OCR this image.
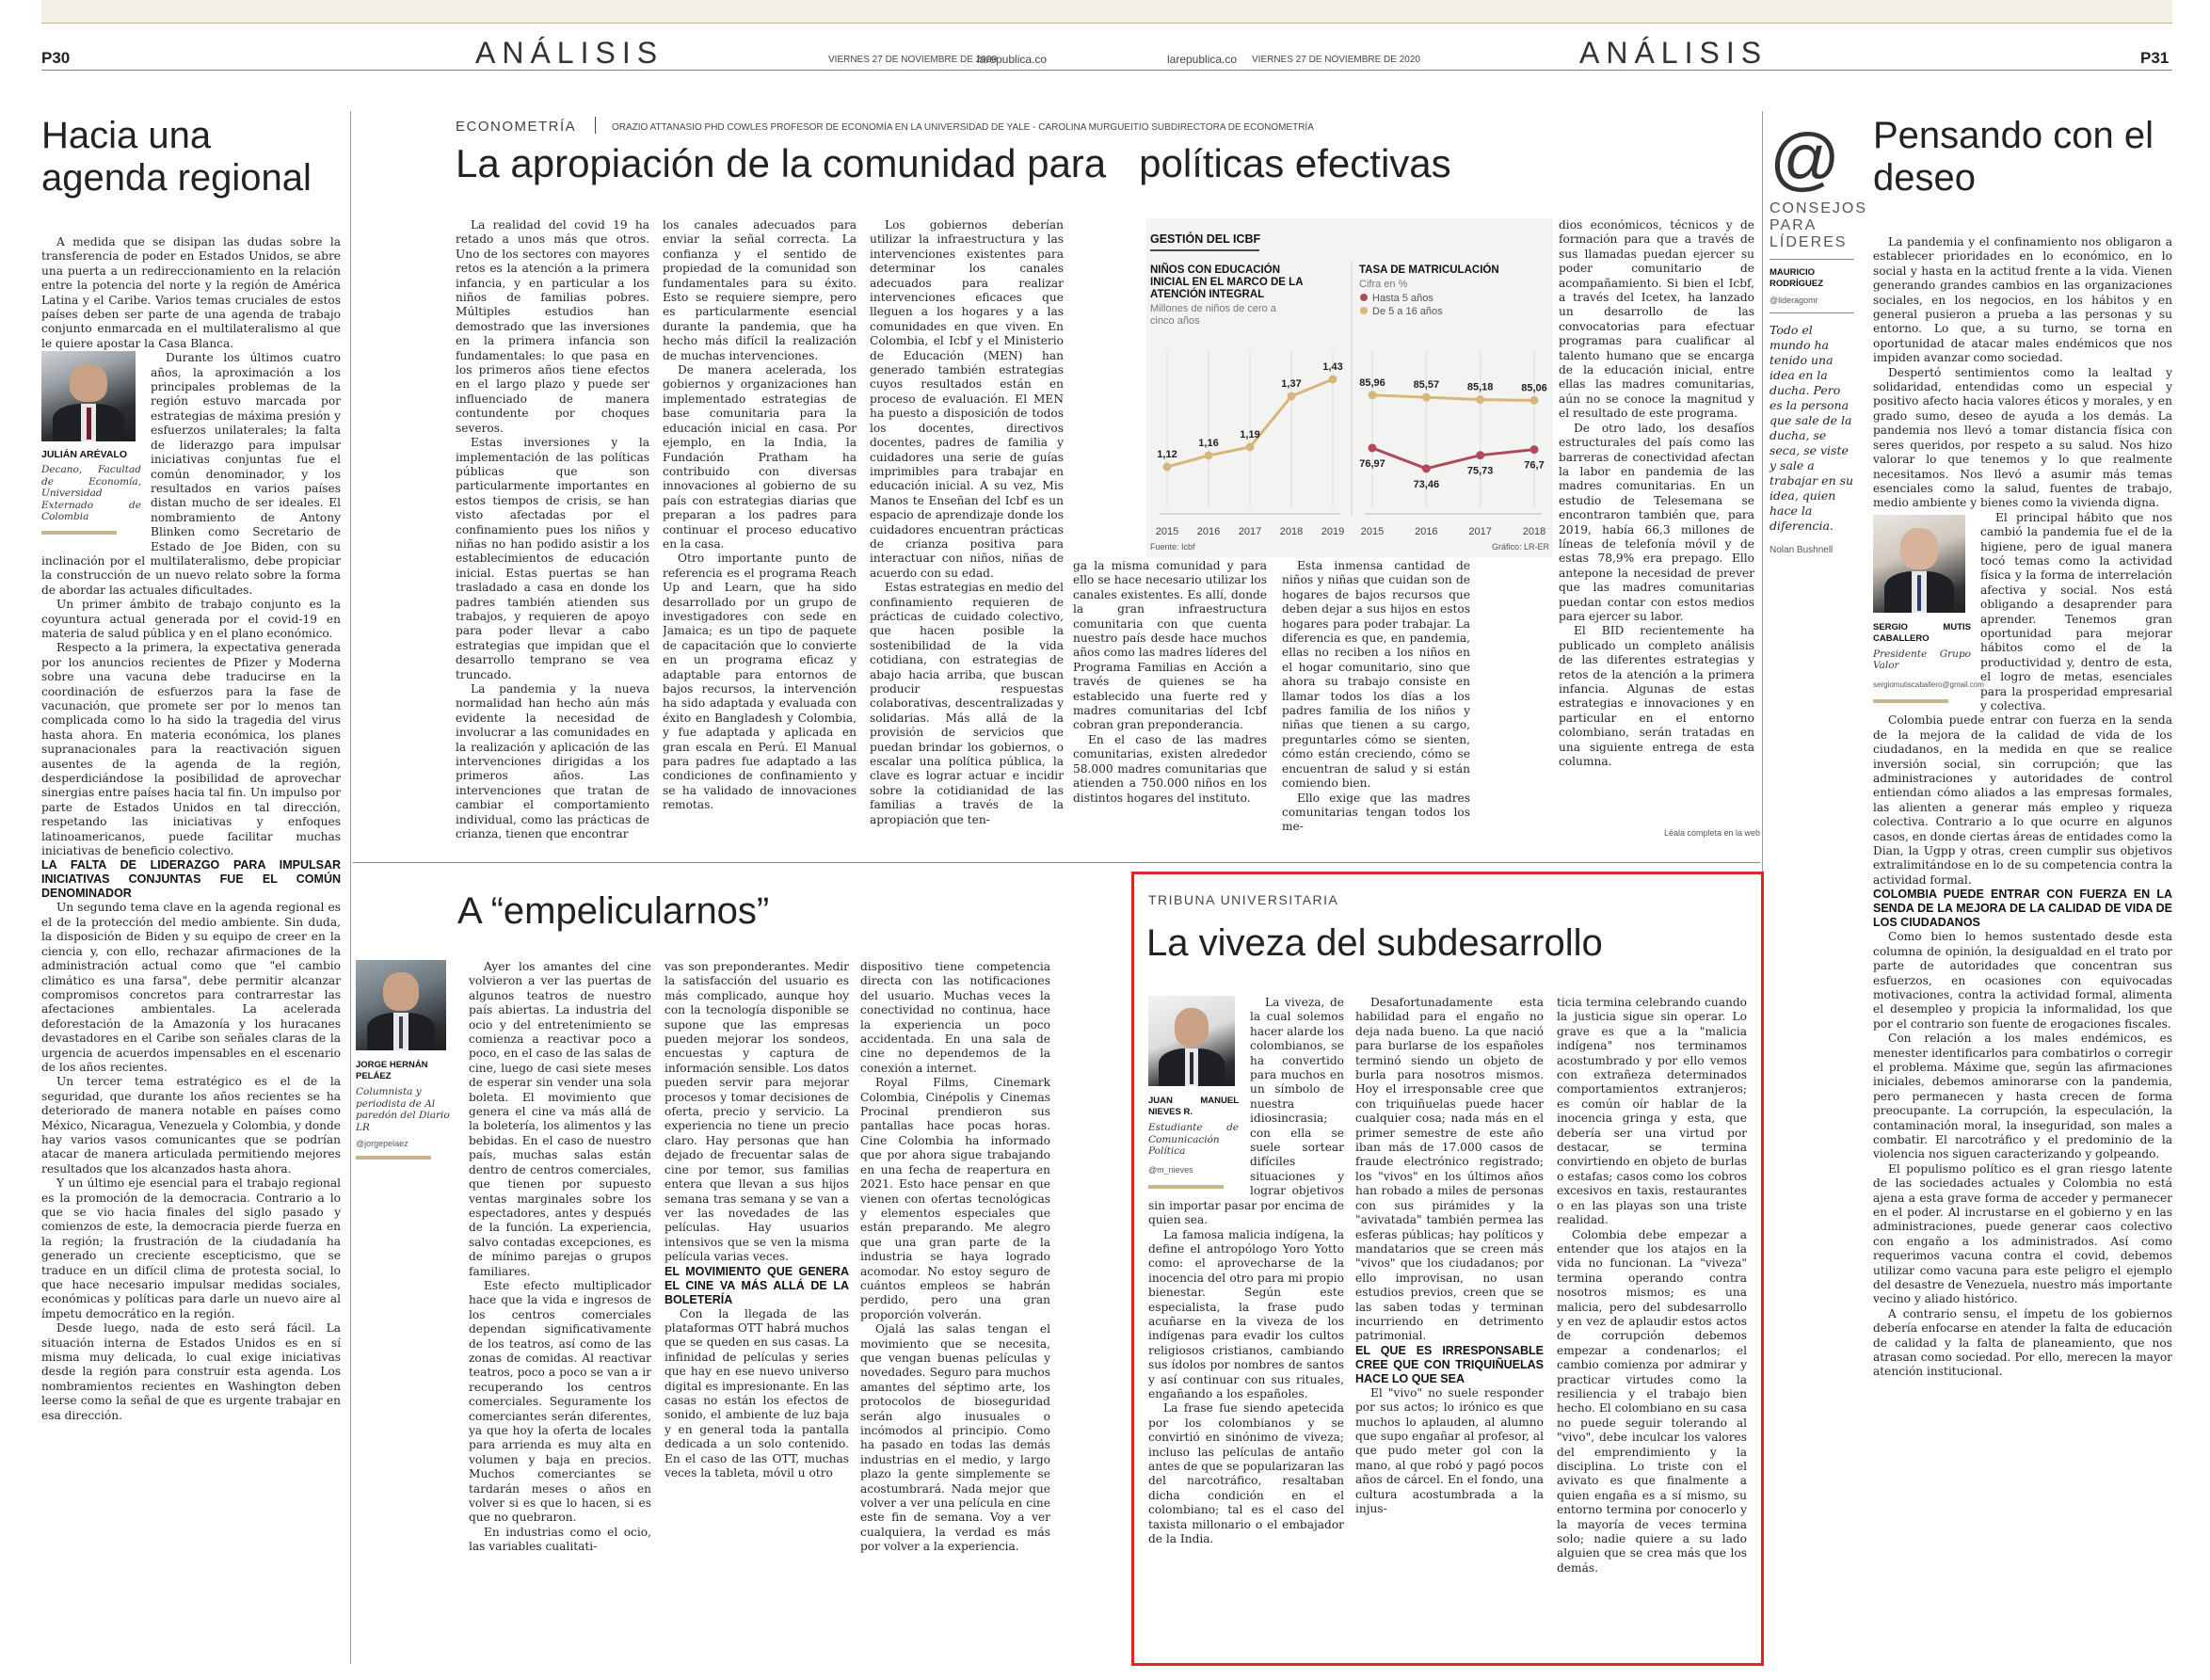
P30	ANÁLISIS	VIERNES 27 DE NOVIEMBRE DE 2020
larepublica.co	larepublica.co VIERNES 27 DE NOVIEMBRE DE 2020	ANÁLISIS	P31
Hacia una agenda regional

A medida que se disipan las dudas sobre la transferencia de poder en Estados Unidos, se abre una puerta a un redireccionamiento en la relación entre la potencia del norte y la región de América Latina y el Caribe. Varios temas cruciales de estos países deben ser parte de una agenda de trabajo conjunto enmarcada en el multilateralismo al que le quiere apostar la Casa Blanca.

JULIÁN ARÉVALO
Decano, Facultad de Economía, Universidad Externado de Colombia

Durante los últimos cuatro años, la aproximación a los principales problemas de la región estuvo marcada por estrategias de máxima presión y esfuerzos unilaterales; la falta de liderazgo para impulsar iniciativas conjuntas fue el común denominador, y los resultados en varios países distan mucho de ser ideales. El nombramiento de Antony Blinken como Secretario de Estado de Joe Biden, con su inclinación por el multilateralismo, debe propiciar la construcción de un nuevo relato sobre la forma de abordar las actuales dificultades.

Un primer ámbito de trabajo conjunto es la coyuntura actual generada por el covid-19 en materia de salud pública y en el plano económico.

Respecto a la primera, la expectativa generada por los anuncios recientes de Pfizer y Moderna sobre una vacuna debe traducirse en la coordinación de esfuerzos para la fase de vacunación, que promete ser por lo menos tan complicada como lo ha sido la tragedia del virus hasta ahora. En materia económica, los planes supranacionales para la reactivación siguen ausentes de la agenda de la región, desperdiciándose la posibilidad de aprovechar sinergias entre países hacia tal fin. Un impulso por parte de Estados Unidos en tal dirección, respetando las iniciativas y enfoques latinoamericanos, puede facilitar muchas iniciativas de beneficio colectivo.

LA FALTA DE LIDERAZGO PARA IMPULSAR INICIATIVAS CONJUNTAS FUE EL COMÚN DENOMINADOR

Un segundo tema clave en la agenda regional es el de la protección del medio ambiente. Sin duda, la disposición de Biden y su equipo de creer en la ciencia y, con ello, rechazar afirmaciones de la administración actual como que "el cambio climático es una farsa", debe permitir alcanzar compromisos concretos para contrarrestar las afectaciones ambientales. La acelerada deforestación de la Amazonía y los huracanes devastadores en el Caribe son señales claras de la urgencia de acuerdos impensables en el escenario de los años recientes.

Un tercer tema estratégico es el de la seguridad, que durante los años recientes se ha deteriorado de manera notable en países como México, Nicaragua, Venezuela y Colombia, y donde hay varios vasos comunicantes que se podrían atacar de manera articulada permitiendo mejores resultados que los alcanzados hasta ahora.

Y un último eje esencial para el trabajo regional es la promoción de la democracia. Contrario a lo que se vio hacia finales del siglo pasado y comienzos de este, la democracia pierde fuerza en la región; la frustración de la ciudadanía ha generado un creciente escepticismo, que se traduce en un difícil clima de protesta social, lo que hace necesario impulsar medidas sociales, económicas y políticas para darle un nuevo aire al ímpetu democrático en la región.

Desde luego, nada de esto será fácil. La situación interna de Estados Unidos es en sí misma muy delicada, lo cual exige iniciativas desde la región para construir esta agenda. Los nombramientos recientes en Washington deben leerse como la señal de que es urgente trabajar en esa dirección.

ECONOMETRÍA	ORAZIO ATTANASIO PHD COWLES PROFESOR DE ECONOMÍA EN LA UNIVERSIDAD DE YALE - CAROLINA MURGUEITIO SUBDIRECTORA DE ECONOMETRÍA
La apropiación de la comunidad para   políticas efectivas

La realidad del covid 19 ha retado a unos más que otros. Uno de los sectores con mayores retos es la atención a la primera infancia, y en particular a los niños de familias pobres. Múltiples estudios han demostrado que las inversiones en la primera infancia son fundamentales: lo que pasa en los primeros años tiene efectos en el largo plazo y puede ser influenciado de manera contundente por choques severos.

Estas inversiones y la implementación de las políticas públicas que son particularmente importantes en estos tiempos de crisis, se han visto afectadas por el confinamiento pues los niños y niñas no han podido asistir a los establecimientos de educación inicial. Estas puertas se han trasladado a casa en donde los padres también atienden sus trabajos, y requieren de apoyo para poder llevar a cabo estrategias que impidan que el desarrollo temprano se vea truncado.

La pandemia y la nueva normalidad han hecho aún más evidente la necesidad de involucrar a las comunidades en la realización y aplicación de las intervenciones dirigidas a los primeros años. Las intervenciones que tratan de cambiar el comportamiento individual, como las prácticas de crianza, tienen que encontrar

los canales adecuados para enviar la señal correcta. La confianza y el sentido de propiedad de la comunidad son fundamentales para su éxito. Esto se requiere siempre, pero es particularmente esencial durante la pandemia, que ha hecho más difícil la realización de muchas intervenciones.

De manera acelerada, los gobiernos y organizaciones han implementado estrategias de base comunitaria para la educación inicial en casa. Por ejemplo, en la India, la Fundación Pratham ha contribuido con diversas innovaciones al gobierno de su país con estrategias diarias que preparan a los padres para continuar el proceso educativo en la casa.

Otro importante punto de referencia es el programa Reach Up and Learn, que ha sido desarrollado por un grupo de investigadores con sede en Jamaica; es un tipo de paquete de capacitación que lo convierte en un programa eficaz y adaptable para entornos de bajos recursos, la intervención ha sido adaptada y evaluada con éxito en Bangladesh y Colombia, y fue adaptada y aplicada en gran escala en Perú. El Manual para padres fue adaptado a las condiciones de confinamiento y se ha validado de innovaciones remotas.

Los gobiernos deberían utilizar la infraestructura y las intervenciones existentes para determinar los canales adecuados para realizar intervenciones eficaces que lleguen a los hogares y a las comunidades en que viven. En Colombia, el Icbf y el Ministerio de Educación (MEN) han generado también estrategias cuyos resultados están en proceso de evaluación. El MEN ha puesto a disposición de todos los docentes, directivos docentes, padres de familia y cuidadores una serie de guías imprimibles para trabajar en educación inicial. A su vez, Mis Manos te Enseñan del Icbf es un espacio de aprendizaje donde los cuidadores encuentran prácticas de crianza positiva para interactuar con niños, niñas de acuerdo con su edad.

Estas estrategias en medio del confinamiento requieren de prácticas de cuidado colectivo, que hacen posible la sostenibilidad de la vida cotidiana, con estrategias de abajo hacia arriba, que buscan producir respuestas colaborativas, descentralizadas y solidarias. Más allá de la provisión de servicios que puedan brindar los gobiernos, o escalar una política pública, la clave es lograr actuar e incidir sobre la cotidianidad de las familias a través de la apropiación que ten-

GESTIÓN DEL ICBF
NIÑOS CON EDUCACIÓN INICIAL EN EL MARCO DE LA ATENCIÓN INTEGRAL
Millones de niños de cero a cinco años
2015 2016 2017 2018 2019
1,12
1,16
1,19
1,37
1,43
TASA DE MATRICULACIÓN
Cifra en %
Hasta 5 años
De 5 a 16 años
2015	2016	2017	2018
76,97
73,46
75,73
76,7
85,96	85,57	85,18	85,06
Fuente: Icbf	Gráfico: LR-ER

ga la misma comunidad y para ello se hace necesario utilizar los canales existentes. Es allí, donde la gran infraestructura comunitaria con que cuenta nuestro país desde hace muchos años como las madres líderes del Programa Familias en Acción a través de quienes se ha establecido una fuerte red y madres comunitarias del Icbf cobran gran preponderancia.

En el caso de las madres comunitarias, existen alrededor 58.000 madres comunitarias que atienden a 750.000 niños en los distintos hogares del instituto.

Esta inmensa cantidad de niños y niñas que cuidan son de hogares de bajos recursos que deben dejar a sus hijos en estos hogares para poder trabajar. La diferencia es que, en pandemia, ellas no reciben a los niños en el hogar comunitario, sino que ahora su trabajo consiste en llamar todos los días a los padres familia de los niños y niñas que tienen a su cargo, preguntarles cómo se sienten, cómo están creciendo, cómo se encuentran de salud y si están comiendo bien.

Ello exige que las madres comunitarias tengan todos los me-

dios económicos, técnicos y de formación para que a través de sus llamadas puedan ejercer su poder comunitario de acompañamiento. Si bien el Icbf, a través del Icetex, ha lanzado un desarrollo de las convocatorias para efectuar programas para cualificar al talento humano que se encarga de la educación inicial, entre ellas las madres comunitarias, aún no se conoce la magnitud y el resultado de este programa.

De otro lado, los desafíos estructurales del país como las barreras de conectividad afectan la labor en pandemia de las madres comunitarias. En un estudio de Telesemana se encontraron también que, para 2019, había 66,3 millones de líneas de telefonía móvil y de estas 78,9% era prepago. Ello antepone la necesidad de prever que las madres comunitarias puedan contar con estos medios para ejercer su labor.

El BID recientemente ha publicado un completo análisis de las diferentes estrategias y retos de la atención a la primera infancia. Algunas de estas estrategias e innovaciones y en particular en el entorno colombiano, serán tratadas en una siguiente entrega de esta columna.

Léala completa en la web
@
CONSEJOS PARA LÍDERES
MAURICIO RODRÍGUEZ
@lideragomr
Todo el mundo ha tenido una idea en la ducha. Pero es la persona que sale de la ducha, se seca, se viste y sale a trabajar en su idea, quien hace la diferencia.
Nolan Bushnell
Pensando con el deseo

La pandemia y el confinamiento nos obligaron a establecer prioridades en lo económico, en lo social y hasta en la actitud frente a la vida. Vienen generando grandes cambios en las organizaciones sociales, en los negocios, en los hábitos y en general pusieron a prueba a las personas y su entorno. Lo que, a su turno, se torna en oportunidad de atacar males endémicos que nos impiden avanzar como sociedad.

Despertó sentimientos como la lealtad y solidaridad, entendidas como un especial y positivo afecto hacia valores éticos y morales, y en grado sumo, deseo de ayuda a los demás. La pandemia nos llevó a tomar distancia física con seres queridos, por respeto a su salud. Nos hizo valorar lo que tenemos y lo que realmente necesitamos. Nos llevó a asumir más temas esenciales como la salud, fuentes de trabajo, medio ambiente y bienes como la vivienda digna.

SERGIO MUTIS CABALLERO
Presidente Grupo Valor
sergiomutiscaballero@gmail.com

El principal hábito que nos cambió la pandemia fue el de la higiene, pero de igual manera tocó temas como la actividad física y la forma de interrelación afectiva y social. Nos está obligando a desaprender para aprender. Tenemos gran oportunidad para mejorar hábitos como el de la productividad y, dentro de esta, el logro de metas, esenciales para la prosperidad empresarial y colectiva.

Colombia puede entrar con fuerza en la senda de la mejora de la calidad de vida de los ciudadanos, en la medida en que se realice inversión social, sin corrupción; que las administraciones y autoridades de control entiendan cómo aliados a las empresas formales, las alienten a generar más empleo y riqueza colectiva. Contrario a lo que ocurre en algunos casos, en donde ciertas áreas de entidades como la Dian, la Ugpp y otras, creen cumplir sus objetivos extralimitándose en lo de su competencia contra la actividad formal.

COLOMBIA PUEDE ENTRAR CON FUERZA EN LA SENDA DE LA MEJORA DE LA CALIDAD DE VIDA DE LOS CIUDADANOS

Como bien lo hemos sustentado desde esta columna de opinión, la desigualdad en el trato por parte de autoridades que concentran sus esfuerzos, en ocasiones con equivocadas motivaciones, contra la actividad formal, alimenta el desempleo y propicia la informalidad, los que por el contrario son fuente de erogaciones fiscales.

Con relación a los males endémicos, es menester identificarlos para combatirlos o corregir el problema. Máxime que, según las afirmaciones iniciales, debemos aminorarse con la pandemia, pero permanecen y hasta crecen de forma preocupante. La corrupción, la especulación, la contaminación moral, la inseguridad, son males a combatir. El narcotráfico y el predominio de la violencia nos siguen caracterizando y golpeando.

El populismo político es el gran riesgo latente de las sociedades actuales y Colombia no está ajena a esta grave forma de acceder y permanecer en el poder. Al incrustarse en el gobierno y en las administraciones, puede generar caos colectivo con engaño a los administrados. Así como requerimos vacuna contra el covid, debemos utilizar como vacuna para este peligro el ejemplo del desastre de Venezuela, nuestro más importante vecino y aliado histórico.

A contrario sensu, el ímpetu de los gobiernos debería enfocarse en atender la falta de educación de calidad y la falta de planeamiento, que nos atrasan como sociedad. Por ello, merecen la mayor atención institucional.

A “empelicularnos”
JORGE HERNÁN PELÁEZ
Columnista y periodista de Al paredón del Diario LR
@jorgepelaez

Ayer los amantes del cine volvieron a ver las puertas de algunos teatros de nuestro país abiertas. La industria del ocio y del entretenimiento se comienza a reactivar poco a poco, en el caso de las salas de cine, luego de casi siete meses de esperar sin vender una sola boleta. El movimiento que genera el cine va más allá de la boletería, los alimentos y las bebidas. En el caso de nuestro país, muchas salas están dentro de centros comerciales, que tienen por supuesto ventas marginales sobre los espectadores, antes y después de la función. La experiencia, salvo contadas excepciones, es de mínimo parejas o grupos familiares.

Este efecto multiplicador hace que la vida e ingresos de los centros comerciales dependan significativamente de los teatros, así como de las zonas de comidas. Al reactivar teatros, poco a poco se van a ir recuperando los centros comerciales. Seguramente los comerciantes serán diferentes, ya que hoy la oferta de locales para arrienda es muy alta en volumen y baja en precios. Muchos comerciantes se tardarán meses o años en volver si es que lo hacen, si es que no quebraron.

En industrias como el ocio, las variables cualitati-

vas son preponderantes. Medir la satisfacción del usuario es más complicado, aunque hoy con la tecnología disponible se supone que las empresas pueden mejorar los sondeos, encuestas y captura de información sensible. Los datos pueden servir para mejorar procesos y tomar decisiones de oferta, precio y servicio. La experiencia no tiene un precio claro. Hay personas que han dejado de frecuentar salas de cine por temor, sus familias entera que llevan a sus hijos semana tras semana y se van a ver las novedades de las películas. Hay usuarios intensivos que se ven la misma película varias veces.

EL MOVIMIENTO QUE GENERA EL CINE VA MÁS ALLÁ DE LA BOLETERÍA

Con la llegada de las plataformas OTT habrá muchos que se queden en sus casas. La infinidad de películas y series que hay en ese nuevo universo digital es impresionante. En las casas no están los efectos de sonido, el ambiente de luz baja y en general toda la pantalla dedicada a un solo contenido. En el caso de las OTT, muchas veces la tableta, móvil u otro

dispositivo tiene competencia directa con las notificaciones del usuario. Muchas veces la conectividad no continua, hace la experiencia un poco accidentada. En una sala de cine no dependemos de la conexión a internet.

Royal Films, Cinemark Colombia, Cinépolis y Cinemas Procinal prendieron sus pantallas hace pocas horas. Cine Colombia ha informado que por ahora sigue trabajando en una fecha de reapertura en 2021. Esto hace pensar en que vienen con ofertas tecnológicas y elementos especiales que están preparando. Me alegro que una gran parte de la industria se haya logrado acomodar. No estoy seguro de cuántos empleos se habrán perdido, pero una gran proporción volverán.

Ojalá las salas tengan el movimiento que se necesita, que vengan buenas películas y novedades. Seguro para muchos amantes del séptimo arte, los protocolos de bioseguridad serán algo inusuales o incómodos al principio. Como ha pasado en todas las demás industrias en el medio, y largo plazo la gente simplemente se acostumbrará. Nada mejor que volver a ver una película en cine este fin de semana. Voy a ver cualquiera, la verdad es más por volver a la experiencia.

TRIBUNA UNIVERSITARIA
La viveza del subdesarrollo
JUAN MANUEL NIEVES R.
Estudiante de Comunicación Política
@m_nieves

La viveza, de la cual solemos hacer alarde los colombianos, se ha convertido para muchos en un símbolo de nuestra idiosincrasia; con ella se suele sortear difíciles situaciones y lograr objetivos sin importar pasar por encima de quien sea.

La famosa malicia indígena, la define el antropólogo Yoro Yotto como: el aprovecharse de la inocencia del otro para mi propio bienestar. Según este especialista, la frase pudo acuñarse en la viveza de los indígenas para evadir los cultos religiosos cristianos, cambiando sus ídolos por nombres de santos y así continuar con sus rituales, engañando a los españoles.

La frase fue siendo apetecida por los colombianos y se convirtió en sinónimo de viveza; incluso las películas de antaño antes de que se popularizaran las del narcotráfico, resaltaban dicha condición en el colombiano; tal es el caso del taxista millonario o el embajador de la India.

Desafortunadamente esta habilidad para el engaño no deja nada bueno. La que nació para burlarse de los españoles terminó siendo un objeto de burla para nosotros mismos. Hoy el irresponsable cree que con triquiñuelas puede hacer cualquier cosa; nada más en el primer semestre de este año iban más de 17.000 casos de fraude electrónico registrado; los "vivos" en los últimos años han robado a miles de personas con sus pirámides y la "avivatada" también permea las esferas públicas; hay políticos y mandatarios que se creen más "vivos" que los ciudadanos; por ello improvisan, no usan estudios previos, creen que se las saben todas y terminan incurriendo en detrimento patrimonial.

EL QUE ES IRRESPONSABLE CREE QUE CON TRIQUIÑUELAS HACE LO QUE SEA

El "vivo" no suele responder por sus actos; lo irónico es que muchos lo aplauden, al alumno que supo engañar al profesor, al que pudo meter gol con la mano, al que robó y pagó pocos años de cárcel. En el fondo, una cultura acostumbrada a la injus-

ticia termina celebrando cuando la justicia sigue sin operar. Lo grave es que a la "malicia indígena" nos terminamos acostumbrado y por ello vemos con extrañeza determinados comportamientos extranjeros; es común oír hablar de la inocencia gringa y esta, que debería ser una virtud por destacar, se termina convirtiendo en objeto de burlas o estafas; casos como los cobros excesivos en taxis, restaurantes o en las playas son una triste realidad.

Colombia debe empezar a entender que los atajos en la vida no funcionan. La "viveza" termina operando contra nosotros mismos; es una malicia, pero del subdesarrollo y en vez de aplaudir estos actos de corrupción debemos empezar a condenarlos; el cambio comienza por admirar y practicar virtudes como la resiliencia y el trabajo bien hecho. El colombiano en su casa no puede seguir tolerando al "vivo", debe inculcar los valores del emprendimiento y la disciplina. Lo triste con el avivato es que finalmente a quien engaña es a sí mismo, su entorno termina por conocerlo y la mayoría de veces termina solo; nadie quiere a su lado alguien que se crea más que los demás.
